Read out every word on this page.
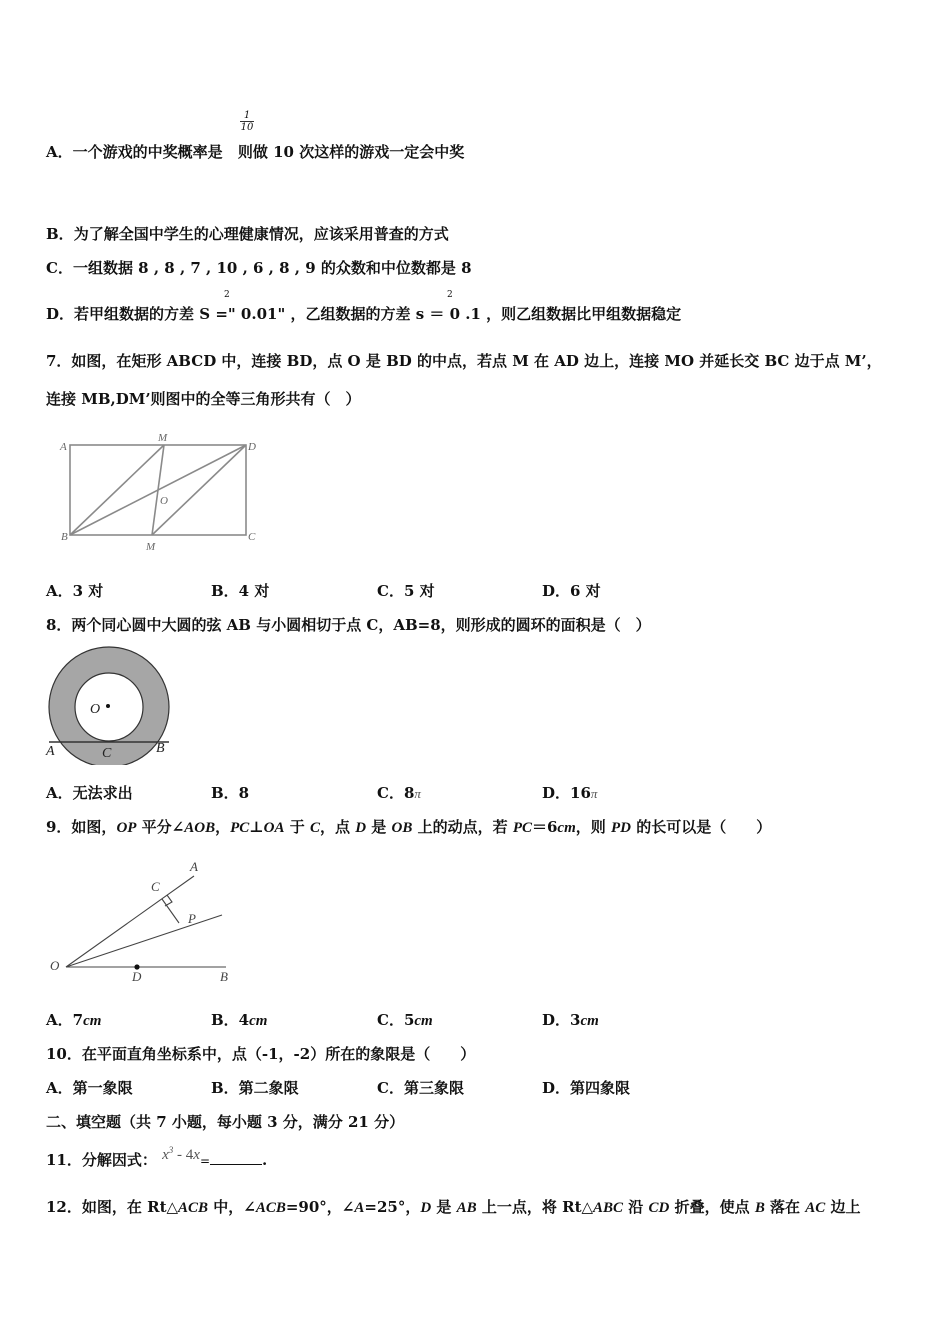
A．一个游戏的中奖概率是 则做 10 次这样的游戏一定会中奖
$\frac{1}{10}$
B．为了解全国中学生的心理健康情况，应该采用普查的方式
C．一组数据 8 , 8 , 7 , 10 , 6 , 8 , 9 的众数和中位数都是 8
D．若甲组数据的方差 S =" 0.01" ，乙组数据的方差 s ＝ 0 .1 ，则乙组数据比甲组数据稳定
2	2
7．如图，在矩形 ABCD 中，连接 BD，点 O 是 BD 的中点，若点 M 在 AD 边上，连接 MO 并延长交 BC 边于点 M’，
连接 MB,DM’则图中的全等三角形共有（　）
A
M
D
O
B
M
C
A．3 对	B．4 对	C．5 对	D．6 对
8．两个同心圆中大圆的弦 AB 与小圆相切于点 C，AB=8，则形成的圆环的面积是（　）
O
A	C	B
A．无法求出	B．8	C．8π	D．16π
9．如图，OP 平分∠AOB，PC⊥OA 于 C，点 D 是 OB 上的动点，若 PC＝6cm，则 PD 的长可以是（　　）
A
C
P
O
D	B
A．7cm	B．4cm	C．5cm	D．3cm
10．在平面直角坐标系中，点（-1，-2）所在的象限是（　　）
A．第一象限	B．第二象限	C．第三象限	D．第四象限
二、填空题（共 7 小题，每小题 3 分，满分 21 分）
11．分解因式： $x^3 - 4x=$	.
12．如图，在 Rt△ACB 中，∠ACB=90°，∠A=25°，D 是 AB 上一点，将 Rt△ABC 沿 CD 折叠，使点 B 落在 AC 边上
